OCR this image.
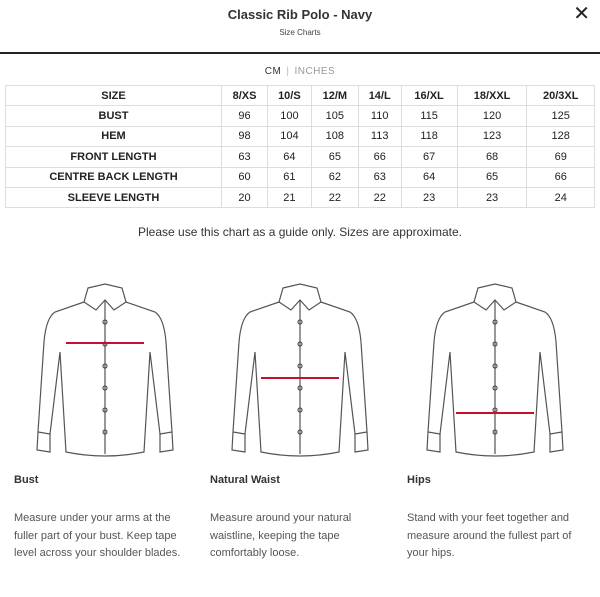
Classic Rib Polo - Navy
Size Charts
✕
CM | INCHES
SIZE	8/XS	10/S	12/M	14/L	16/XL	18/XXL	20/3XL
BUST	96	100	105	110	115	120	125
HEM	98	104	108	113	118	123	128
FRONT LENGTH	63	64	65	66	67	68	69
CENTRE BACK LENGTH	60	61	62	63	64	65	66
SLEEVE LENGTH	20	21	22	22	23	23	24
Please use this chart as a guide only. Sizes are approximate.
Bust	Natural Waist	Hips
Measure under your arms at the fuller part of your bust. Keep tape level across your shoulder blades.
Measure around your natural waistline, keeping the tape comfortably loose.
Stand with your feet together and measure around the fullest part of your hips.
